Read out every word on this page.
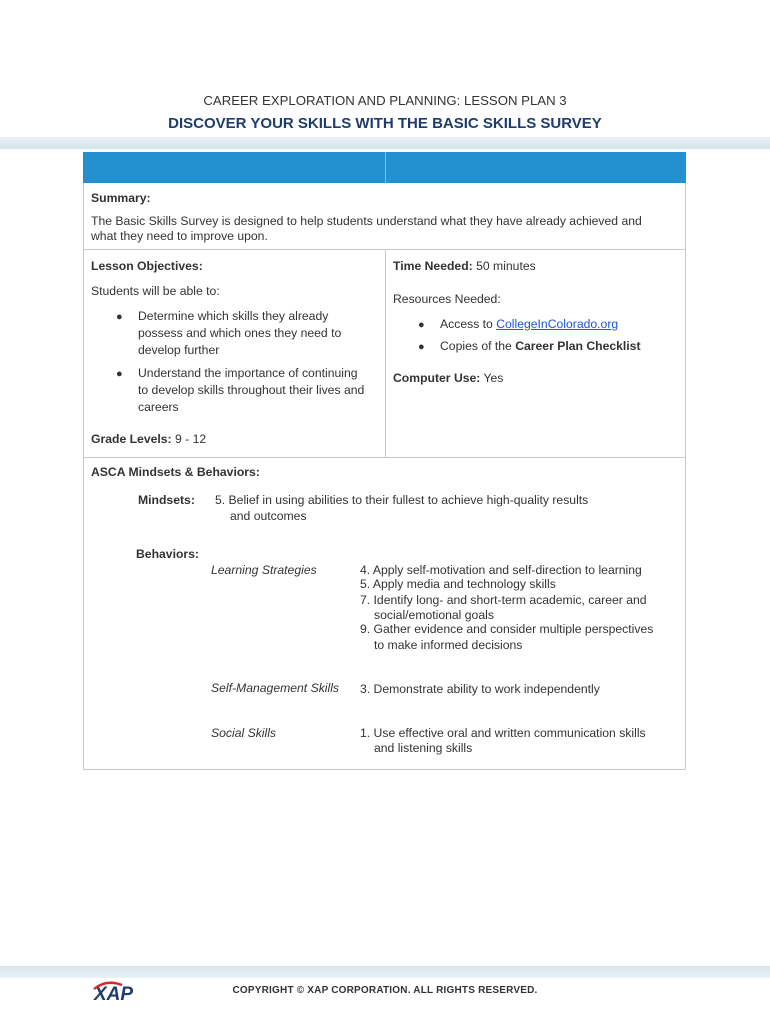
CAREER EXPLORATION AND PLANNING: LESSON PLAN 3
DISCOVER YOUR SKILLS WITH THE BASIC SKILLS SURVEY
Summary:
The Basic Skills Survey is designed to help students understand what they have already achieved and
what they need to improve upon.
Lesson Objectives:
Students will be able to:
● Determine which skills they already
possess and which ones they need to
develop further
● Understand the importance of continuing
to develop skills throughout their lives and
careers
Grade Levels: 9 - 12
Time Needed: 50 minutes
Resources Needed:
● Access to CollegeInColorado.org
● Copies of the Career Plan Checklist
Computer Use: Yes
ASCA Mindsets & Behaviors:
Mindsets: 5. Belief in using abilities to their fullest to achieve high-quality results
and outcomes
Behaviors:
Learning Strategies	4. Apply self-motivation and self-direction to learning
5. Apply media and technology skills
7. Identify long- and short-term academic, career and
social/emotional goals
9. Gather evidence and consider multiple perspectives
to make informed decisions
Self-Management Skills 3. Demonstrate ability to work independently
Social Skills	1. Use effective oral and written communication skills
and listening skills
XAP	COPYRIGHT © XAP CORPORATION. ALL RIGHTS RESERVED.
